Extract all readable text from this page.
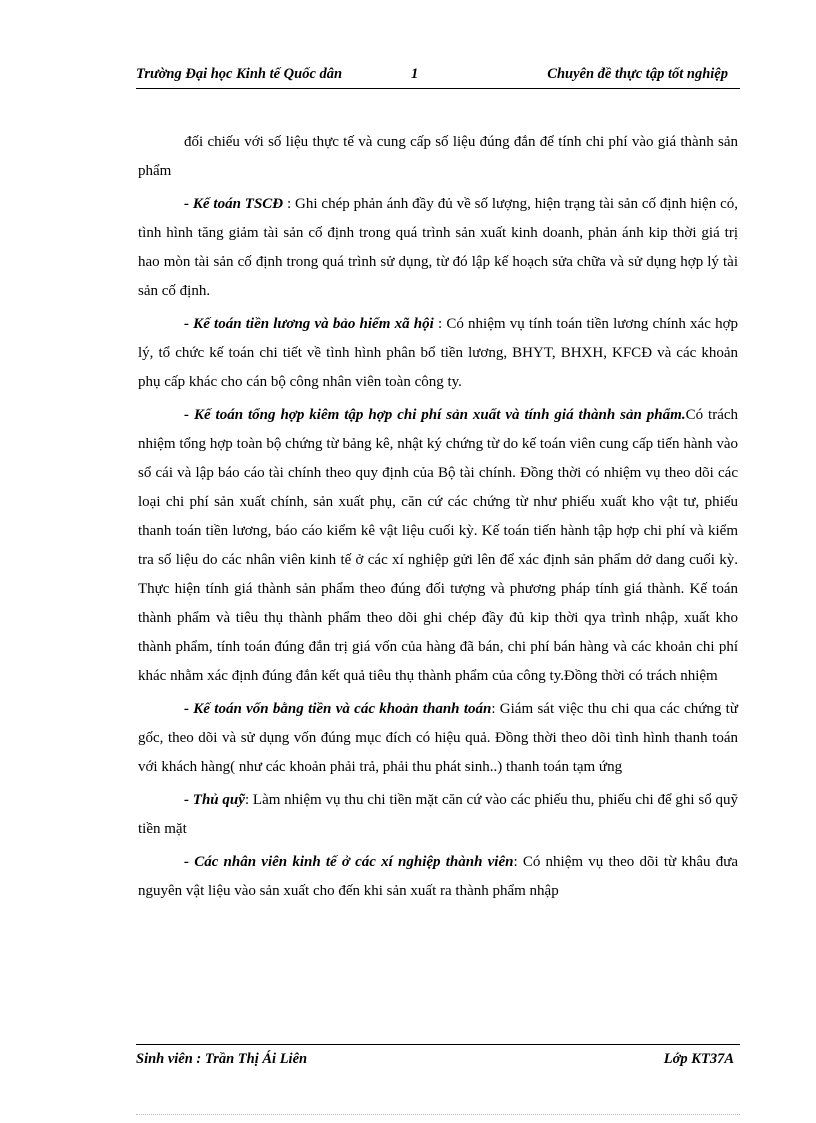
Trường Đại học Kinh tế Quốc dân	1	Chuyên đề thực tập tốt nghiệp

đối chiếu với số liệu thực tế và cung cấp số liệu đúng đắn để tính chi phí vào giá thành sản phẩm

- Kế toán TSCĐ : Ghi chép phản ánh đầy đủ về số lượng, hiện trạng tài sản cố định hiện có, tình hình tăng giảm tài sản cố định trong quá trình sản xuất kinh doanh, phản ánh kip thời giá trị hao mòn tài sản cố định trong quá trình sử dụng, từ đó lập kế hoạch sửa chữa và sử dụng hợp lý tài sản cố định.

- Kế toán tiền lương và bảo hiểm xã hội : Có nhiệm vụ tính toán tiền lương chính xác hợp lý, tổ chức kế toán chi tiết về tình hình phân bổ tiền lương, BHYT, BHXH, KFCĐ và các khoản phụ cấp khác cho cán bộ công nhân viên toàn công ty.

- Kế toán tổng hợp kiêm tập hợp chi phí sản xuất và tính giá thành sản phẩm.Có trách nhiệm tổng hợp toàn bộ chứng từ bảng kê, nhật ký chứng từ do kế toán viên cung cấp tiến hành vào sổ cái và lập báo cáo tài chính theo quy định của Bộ tài chính. Đồng thời có nhiệm vụ theo dõi các loại chi phí sản xuất chính, sản xuất phụ, căn cứ các chứng từ như phiếu xuất kho vật tư, phiếu thanh toán tiền lương, báo cáo kiểm kê vật liệu cuối kỳ. Kế toán tiến hành tập hợp chi phí và kiểm tra số liệu do các nhân viên kinh tế ở các xí nghiệp gửi lên để xác định sản phẩm dở dang cuối kỳ. Thực hiện tính giá thành sản phẩm theo đúng đối tượng và phương pháp tính giá thành. Kế toán thành phẩm và tiêu thụ thành phẩm theo dõi ghi chép đầy đủ kip thời qya trình nhập, xuất kho thành phẩm, tính toán đúng đắn trị giá vốn của hàng đã bán, chi phí bán hàng và các khoản chi phí khác nhằm xác định đúng đắn kết quả tiêu thụ thành phẩm của công ty.Đồng thời có trách nhiệm

- Kế toán vốn bằng tiền và các khoản thanh toán: Giám sát việc thu chi qua các chứng từ gốc, theo dõi và sử dụng vốn đúng mục đích có hiệu quả. Đồng thời theo dõi tình hình thanh toán với khách hàng( như các khoản phải trả, phải thu phát sinh..) thanh toán tạm ứng

- Thủ quỹ: Làm nhiệm vụ thu chi tiền mặt căn cứ vào các phiếu thu, phiếu chi để ghi sổ quỹ tiền mặt

- Các nhân viên kinh tế ở các xí nghiệp thành viên: Có nhiệm vụ theo dõi từ khâu đưa nguyên vật liệu vào sản xuất cho đến khi sản xuất ra thành phẩm nhập

Sinh viên : Trần Thị Ái Liên	Lớp KT37A
